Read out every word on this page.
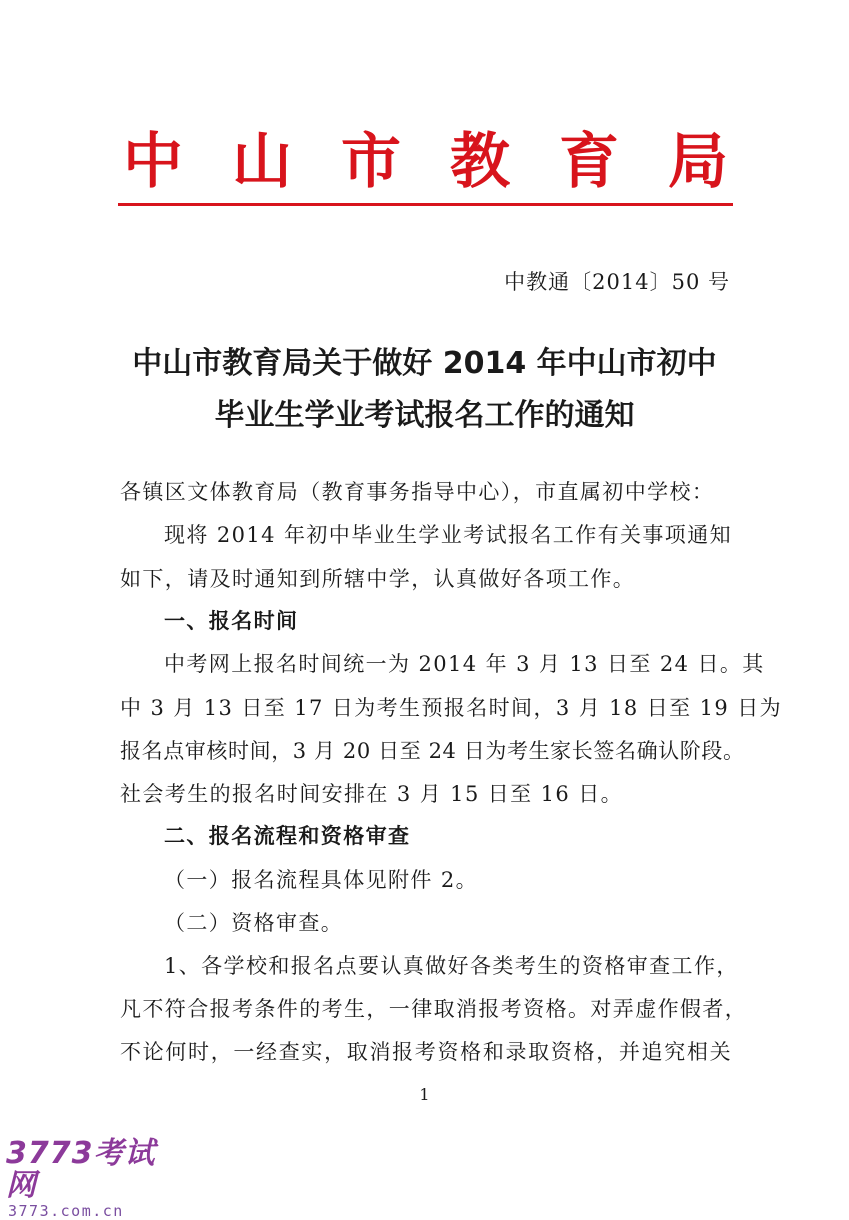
中 山 市 教 育 局
中教通〔2014〕50 号
中山市教育局关于做好 2014 年中山市初中
毕业生学业考试报名工作的通知
各镇区文体教育局（教育事务指导中心），市直属初中学校：
现将 2014 年初中毕业生学业考试报名工作有关事项通知
如下，请及时通知到所辖中学，认真做好各项工作。
一、报名时间
中考网上报名时间统一为 2014 年 3 月 13 日至 24 日。其
中 3 月 13 日至 17 日为考生预报名时间，3 月 18 日至 19 日为
报名点审核时间，3 月 20 日至 24 日为考生家长签名确认阶段。
社会考生的报名时间安排在 3 月 15 日至 16 日。
二、报名流程和资格审查
（一）报名流程具体见附件 2。
（二）资格审查。
1、各学校和报名点要认真做好各类考生的资格审查工作，
凡不符合报考条件的考生，一律取消报考资格。对弄虚作假者，
不论何时，一经查实，取消报考资格和录取资格，并追究相关
1
3773考试网
3773.com.cn
